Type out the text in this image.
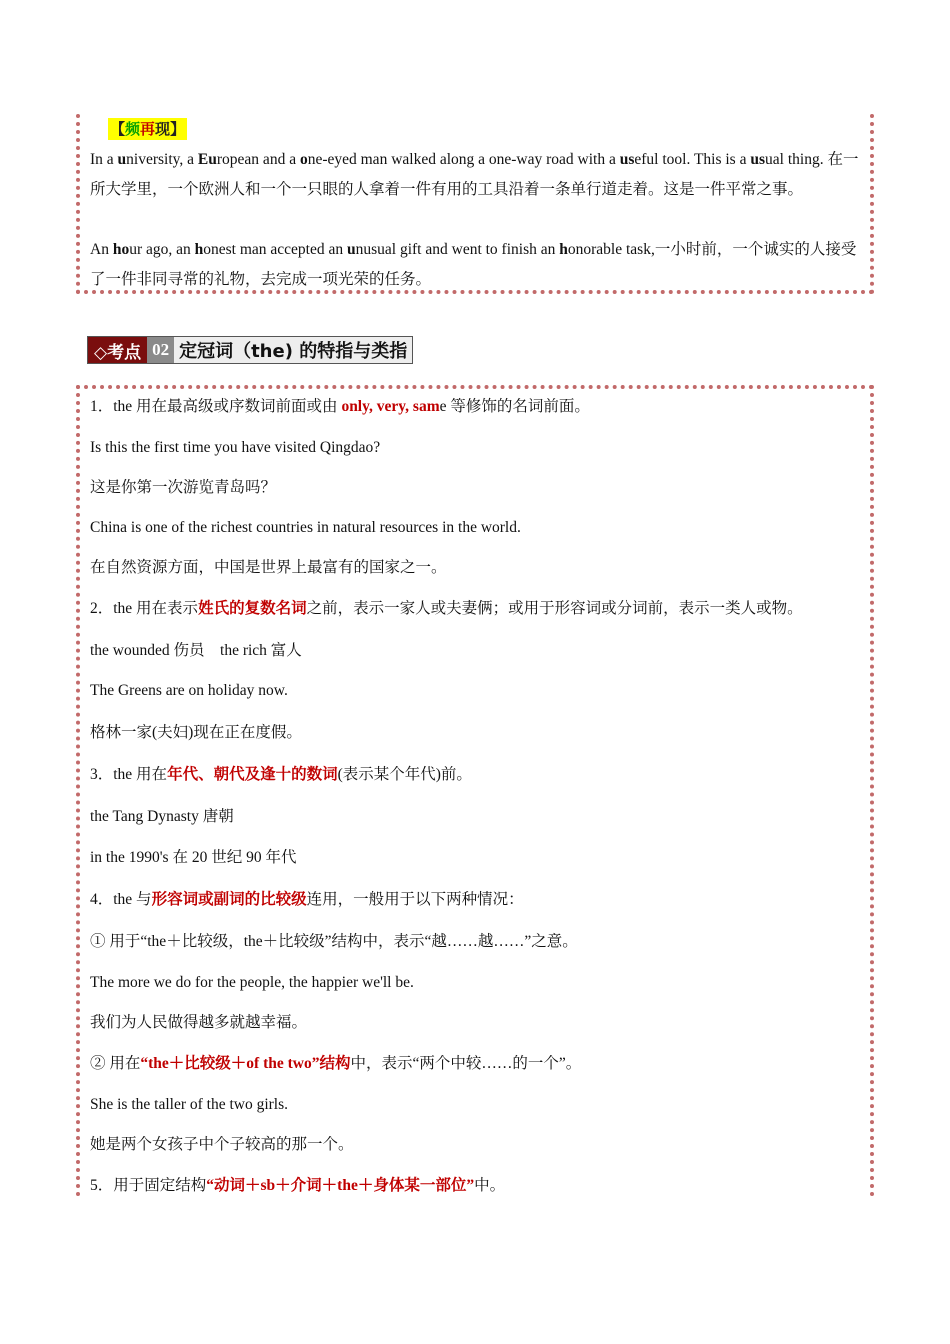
【频再现】
In a university, a European and a one-eyed man walked along a one-way road with a useful tool. This is a usual thing. 在一所大学里，一个欧洲人和一个一只眼的人拿着一件有用的工具沿着一条单行道走着。这是一件平常之事。
An hour ago, an honest man accepted an unusual gift and went to finish an honorable task,一小时前，一个诚实的人接受了一件非同寻常的礼物，去完成一项光荣的任务。
◇考点 02 定冠词（the) 的特指与类指
1．the 用在最高级或序数词前面或由 only, very, same 等修饰的名词前面。
Is this the first time you have visited Qingdao?
这是你第一次游览青岛吗？
China is one of the richest countries in natural resources in the world.
在自然资源方面，中国是世界上最富有的国家之一。
2．the 用在表示姓氏的复数名词之前，表示一家人或夫妻俩；或用于形容词或分词前，表示一类人或物。
the wounded 伤员　the rich 富人
The Greens are on holiday now.
格林一家(夫妇)现在正在度假。
3．the 用在年代、朝代及逢十的数词(表示某个年代)前。
the Tang Dynasty 唐朝
in the 1990's 在 20 世纪 90 年代
4．the 与形容词或副词的比较级连用，一般用于以下两种情况：
① 用于“the＋比较级，the＋比较级”结构中，表示“越……越……”之意。
The more we do for the people, the happier we'll be.
我们为人民做得越多就越幸福。
② 用在“the＋比较级＋of the two”结构中，表示“两个中较……的一个”。
She is the taller of the two girls.
她是两个女孩子中个子较高的那一个。
5．用于固定结构“动词＋sb＋介词＋the＋身体某一部位”中。
